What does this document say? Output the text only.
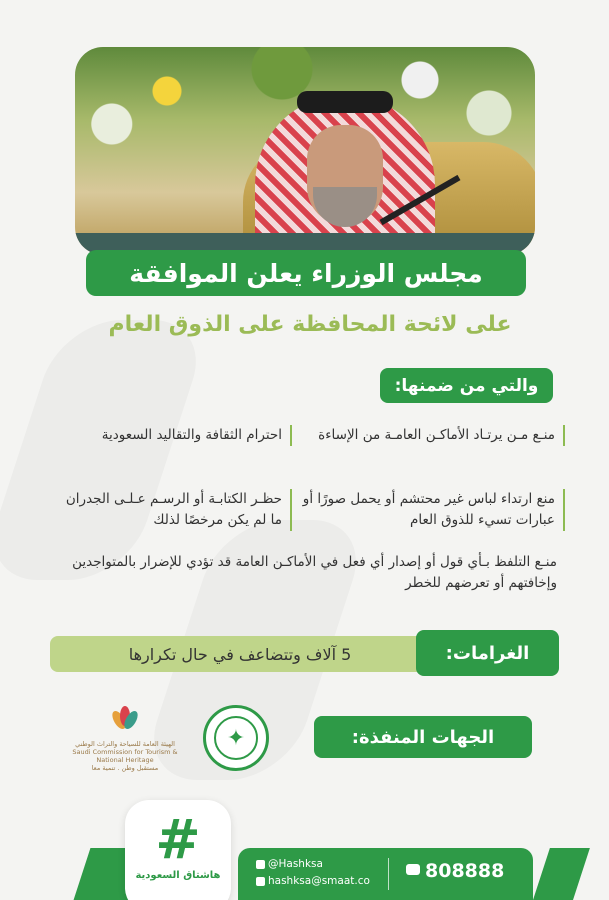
مجلس الوزراء يعلن الموافقة
على لائحة المحافظة على الذوق العام
والتي من ضمنها:
منـع مـن يرتـاد الأماكـن العامـة من الإساءة
احترام الثقافة والتقاليد السعودية
منع ارتداء لباس غير محتشم أو يحمل صورًا أو عبارات تسيء للذوق العام
حظـر الكتابـة أو الرسـم عـلـى الجدران ما لم يكن مرخصًا لذلك
منـع التلفظ بـأي قول أو إصدار أي فعل في الأماكـن العامة قد تؤدي للإضرار بالمتواجدين وإخافتهم أو تعرضهم للخطر
5 آلاف وتتضاعف في حال تكرارها	الغرامات:
الهيئة العامة للسياحة والتراث الوطني
Saudi Commission for Tourism & National Heritage
مستقبل وطن . تنمية معا
✦	الجهات المنفذة:
@Hashksa
hashksa@smaat.co	808888
#
هاشتاق السعودية
